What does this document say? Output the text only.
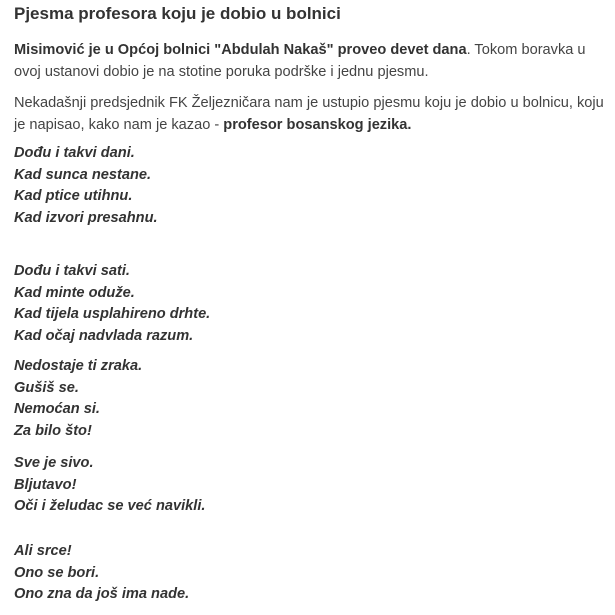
Pjesma profesora koju je dobio u bolnici

Misimović je u Općoj bolnici "Abdulah Nakaš" proveo devet dana. Tokom boravka u ovoj ustanovi dobio je na stotine poruka podrške i jednu pjesmu.

Nekadašnji predsjednik FK Željezničara nam je ustupio pjesmu koju je dobio u bolnicu, koju je napisao, kako nam je kazao - profesor bosanskog jezika.

Dođu i takvi dani.
Kad sunca nestane.
Kad ptice utihnu.
Kad izvori presahnu.
Dođu i takvi sati.
Kad minte oduže.
Kad tijela usplahireno drhte.
Kad očaj nadvlada razum.
Nedostaje ti zraka.
Gušiš se.
Nemoćan si.
Za bilo što!
Sve je sivo.
Bljutavo!
Oči i želudac se već navikli.
Ali srce!
Ono se bori.
Ono zna da još ima nade.
